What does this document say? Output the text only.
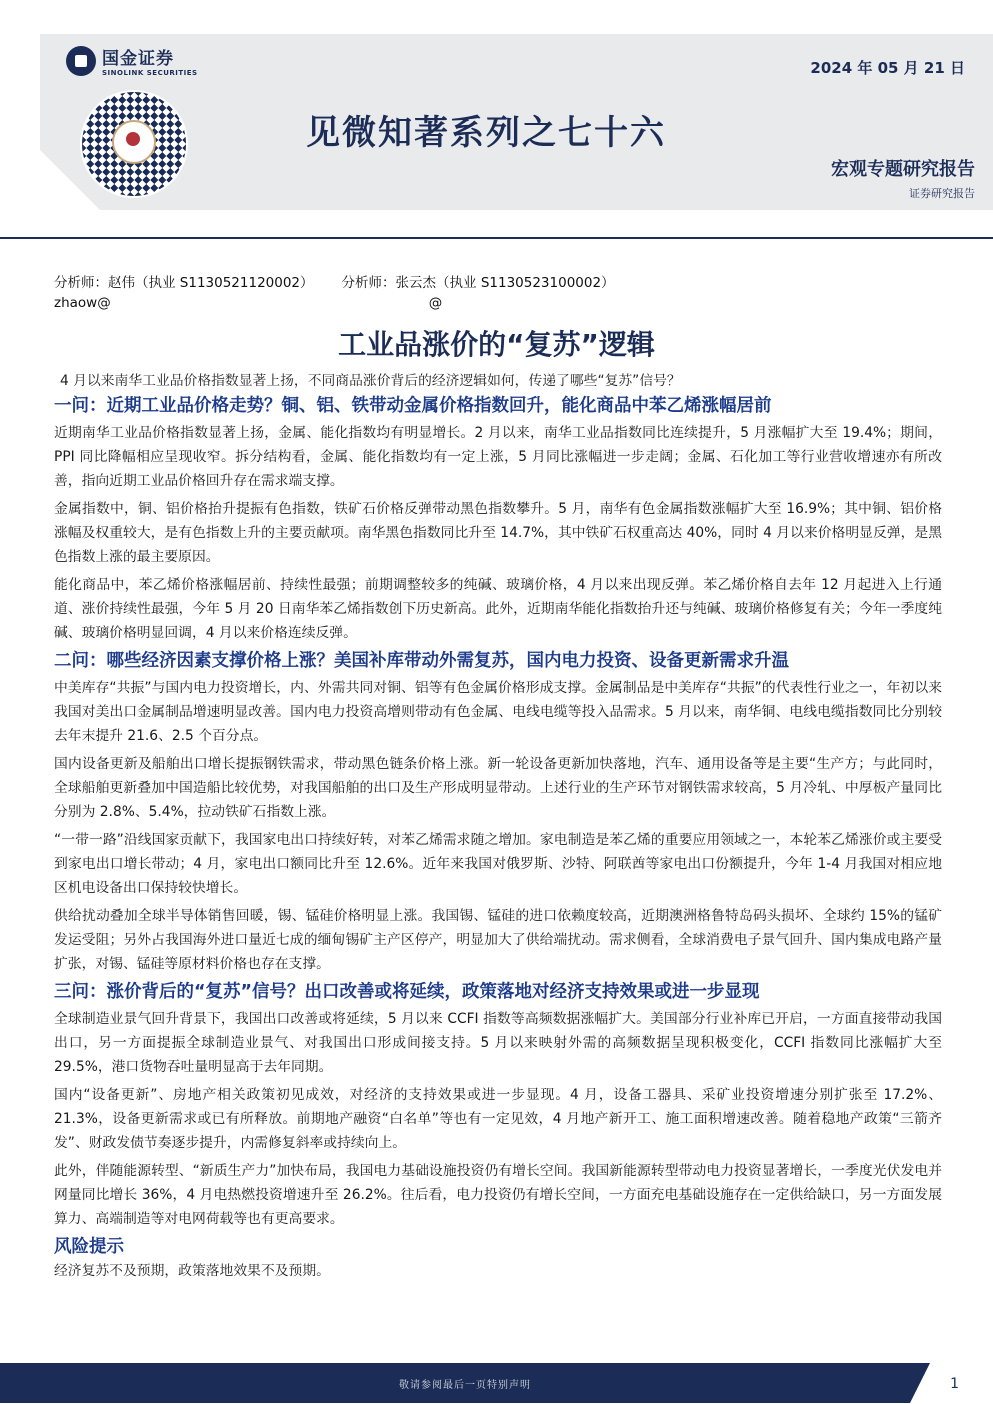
国金证券
SINOLINK SECURITIES	2024 年 05 月 21 日
见微知著系列之七十六
宏观专题研究报告
证券研究报告
分析师：赵伟（执业 S1130521120002） 分析师：张云杰（执业 S1130523100002）
zhaow@	@
工业品涨价的“复苏”逻辑
4 月以来南华工业品价格指数显著上扬，不同商品涨价背后的经济逻辑如何，传递了哪些“复苏”信号？
一问：近期工业品价格走势？铜、铝、铁带动金属价格指数回升，能化商品中苯乙烯涨幅居前

近期南华工业品价格指数显著上扬，金属、能化指数均有明显增长。2 月以来，南华工业品指数同比连续提升，5 月涨幅扩大至 19.4%；期间，PPI 同比降幅相应呈现收窄。拆分结构看，金属、能化指数均有一定上涨，5 月同比涨幅进一步走阔；金属、石化加工等行业营收增速亦有所改善，指向近期工业品价格回升存在需求端支撑。

金属指数中，铜、铝价格抬升提振有色指数，铁矿石价格反弹带动黑色指数攀升。5 月，南华有色金属指数涨幅扩大至 16.9%；其中铜、铝价格涨幅及权重较大，是有色指数上升的主要贡献项。南华黑色指数同比升至 14.7%，其中铁矿石权重高达 40%，同时 4 月以来价格明显反弹，是黑色指数上涨的最主要原因。

能化商品中，苯乙烯价格涨幅居前、持续性最强；前期调整较多的纯碱、玻璃价格，4 月以来出现反弹。苯乙烯价格自去年 12 月起进入上行通道、涨价持续性最强，今年 5 月 20 日南华苯乙烯指数创下历史新高。此外，近期南华能化指数抬升还与纯碱、玻璃价格修复有关；今年一季度纯碱、玻璃价格明显回调，4 月以来价格连续反弹。

二问：哪些经济因素支撑价格上涨？美国补库带动外需复苏，国内电力投资、设备更新需求升温

中美库存“共振”与国内电力投资增长，内、外需共同对铜、铝等有色金属价格形成支撑。金属制品是中美库存“共振”的代表性行业之一，年初以来我国对美出口金属制品增速明显改善。国内电力投资高增则带动有色金属、电线电缆等投入品需求。5 月以来，南华铜、电线电缆指数同比分别较去年末提升 21.6、2.5 个百分点。

国内设备更新及船舶出口增长提振钢铁需求，带动黑色链条价格上涨。新一轮设备更新加快落地，汽车、通用设备等是主要“生产方；与此同时，全球船舶更新叠加中国造船比较优势，对我国船舶的出口及生产形成明显带动。上述行业的生产环节对钢铁需求较高，5 月冷轧、中厚板产量同比分别为 2.8%、5.4%，拉动铁矿石指数上涨。

“一带一路”沿线国家贡献下，我国家电出口持续好转，对苯乙烯需求随之增加。家电制造是苯乙烯的重要应用领域之一，本轮苯乙烯涨价或主要受到家电出口增长带动；4 月，家电出口额同比升至 12.6%。近年来我国对俄罗斯、沙特、阿联酋等家电出口份额提升，今年 1-4 月我国对相应地区机电设备出口保持较快增长。

供给扰动叠加全球半导体销售回暖，锡、锰硅价格明显上涨。我国锡、锰硅的进口依赖度较高，近期澳洲格鲁特岛码头损坏、全球约 15%的锰矿发运受阻；另外占我国海外进口量近七成的缅甸锡矿主产区停产，明显加大了供给端扰动。需求侧看，全球消费电子景气回升、国内集成电路产量扩张，对锡、锰硅等原材料价格也存在支撑。

三问：涨价背后的“复苏”信号？出口改善或将延续，政策落地对经济支持效果或进一步显现

全球制造业景气回升背景下，我国出口改善或将延续，5 月以来 CCFI 指数等高频数据涨幅扩大。美国部分行业补库已开启，一方面直接带动我国出口，另一方面提振全球制造业景气、对我国出口形成间接支持。5 月以来映射外需的高频数据呈现积极变化，CCFI 指数同比涨幅扩大至 29.5%，港口货物吞吐量明显高于去年同期。

国内“设备更新”、房地产相关政策初见成效，对经济的支持效果或进一步显现。4 月，设备工器具、采矿业投资增速分别扩张至 17.2%、21.3%，设备更新需求或已有所释放。前期地产融资“白名单”等也有一定见效，4 月地产新开工、施工面积增速改善。随着稳地产政策“三箭齐发”、财政发债节奏逐步提升，内需修复斜率或持续向上。

此外，伴随能源转型、“新质生产力”加快布局，我国电力基础设施投资仍有增长空间。我国新能源转型带动电力投资显著增长，一季度光伏发电并网量同比增长 36%，4 月电热燃投资增速升至 26.2%。往后看，电力投资仍有增长空间，一方面充电基础设施存在一定供给缺口，另一方面发展算力、高端制造等对电网荷载等也有更高要求。

风险提示
经济复苏不及预期，政策落地效果不及预期。
敬请参阅最后一页特别声明	1
